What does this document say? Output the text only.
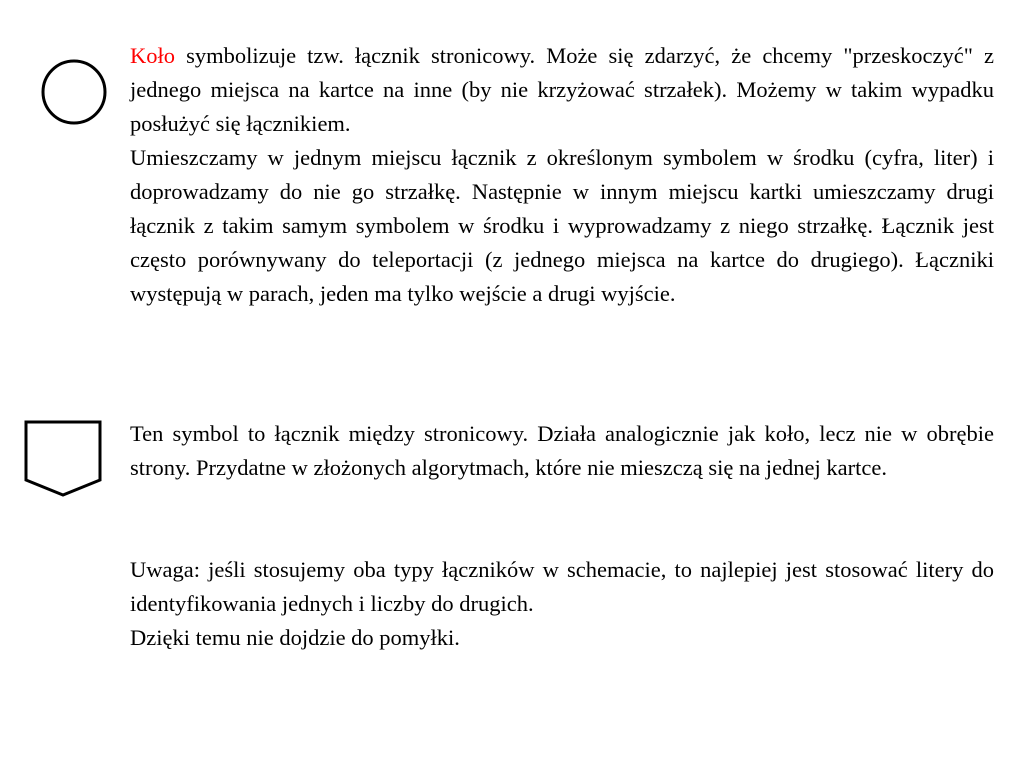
Koło symbolizuje tzw. łącznik stronicowy. Może się zdarzyć, że chcemy "przeskoczyć" z jednego miejsca na kartce na inne (by nie krzyżować strzałek). Możemy w takim wypadku posłużyć się łącznikiem.

Umieszczamy w jednym miejscu łącznik z określonym symbolem w środku (cyfra, liter) i doprowadzamy do nie go strzałkę. Następnie w innym miejscu kartki umieszczamy drugi łącznik z takim samym symbolem w środku i wyprowadzamy z niego strzałkę. Łącznik jest często porównywany do teleportacji (z jednego miejsca na kartce do drugiego). Łączniki występują w parach, jeden ma tylko wejście a drugi wyjście.

Ten symbol to łącznik między stronicowy. Działa analogicznie jak koło, lecz nie w obrębie strony. Przydatne w złożonych algorytmach, które nie mieszczą się na jednej kartce.

Uwaga: jeśli stosujemy oba typy łączników w schemacie, to najlepiej jest stosować litery do identyfikowania jednych i liczby do drugich.

Dzięki temu nie dojdzie do pomyłki.
